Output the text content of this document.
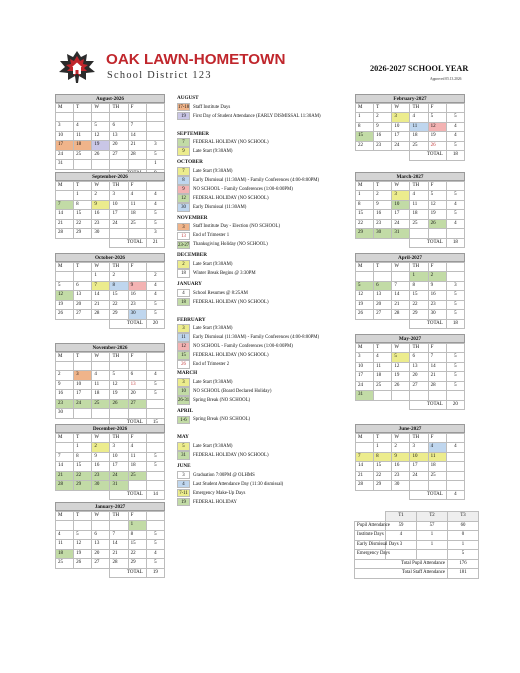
OAK LAWN-HOMETOWN
School District 123
2026-2027 SCHOOL YEAR
Approved 05.13.2026
August-2026
M	T	W	TH	F	

3	4	5	6	7	
10	11	12	13	14	
17	18	19	20	21	3
24	25	26	27	28	5
31					1

September-2026
M	T	W	TH	F	
	1	2	3	4	4
7	8	9	10	11	4
14	15	16	17	18	5
21	22	23	24	25	5
28	29	30			3
			TOTAL		21
October-2026
M	T	W	TH	F	
		1	2		2
5	6	7	8	9	4
12	13	14	15	16	4
19	20	21	22	23	5
26	27	28	29	30	5
			TOTAL		20
November-2026
M	T	W	TH	F	

2	3	4	5	6	4
9	10	11	12	13	5
16	17	18	19	20	5
23	24	25	26	27	
30					
			TOTAL		15
December-2026
M	T	W	TH	F	
	1	2	3	4	
7	8	9	10	11	5
14	15	16	17	18	5
21	22	23	24	25	
28	29	30	31		
			TOTAL		14
January-2027
M	T	W	TH	F	
				1	
4	5	6	7	8	5
11	12	13	14	15	5
18	19	20	21	22	4
25	26	27	28	29	5
			TOTAL		19
February-2027
M	T	W	TH	F	
1	2	3	4	5	5
8	9	10	11	12	4
15	16	17	18	19	4
22	23	24	25	26	5
			TOTAL		18
March-2027
M	T	W	TH	F	
1	2	3	4	5	5
8	9	10	11	12	4
15	16	17	18	19	5
22	23	24	25	26	4
29	30	31			
			TOTAL		18
April-2027
M	T	W	TH	F	
			1	2	
5	6	7	8	9	3
12	13	14	15	16	5
19	20	21	22	23	5
26	27	28	29	30	5
			TOTAL		18
May-2027
M	T	W	TH	F	
3	4	5	6	7	5
10	11	12	13	14	5
17	18	19	20	21	5
24	25	26	27	28	5
31					
			TOTAL		20
June-2027
M	T	W	TH	F	
	1	2	3	4	4
7	8	9	10	11	
14	15	16	17	18	
21	22	23	24	25	
28	29	30			
			TOTAL		4
AUGUST
17-18 Staff Institute Days
19	First Day of Student Attendance (EARLY DISMISSAL 11:30AM)
SEPTEMBER
7	FEDERAL HOLIDAY (NO SCHOOL)
9	Late Start (9:30AM)
OCTOBER
7	Late Start (9:30AM)
8	Early Dismissal (11:30AM) - Family Conferences (4:00-8:00PM)
9	NO SCHOOL - Family Conferences (1:00-6:00PM)
12	FEDERAL HOLIDAY (NO SCHOOL)
30	Early Dismissal (11:30AM)
NOVEMBER
3	Staff Institute Day - Election (NO SCHOOL)
13	End of Trimester 1
23-27 Thanksgiving Holiday (NO SCHOOL)
DECEMBER
2	Late Start (9:30AM)
18	Winter Break Begins @ 3:30PM
JANUARY
4	School Resumes @ 8:25AM
18	FEDERAL HOLIDAY (NO SCHOOL)
FEBRUARY
3	Late Start (9:30AM)
11	Early Dismissal (11:30AM) - Family Conferences (4:00-8:00PM)
12	NO SCHOOL - Family Conferences (1:00-6:00PM)
15	FEDERAL HOLIDAY (NO SCHOOL)
26	End of Trimester 2
MARCH
3	Late Start (9:30AM)
10	NO SCHOOL (Board Declared Holiday)
26-31 Spring Break (NO SCHOOL)
APRIL
1-6	Spring Break (NO SCHOOL)
MAY
5	Late Start (9:30AM)
31	FEDERAL HOLIDAY (NO SCHOOL)
JUNE
3	Graduation 7:00PM @ OLHMS
4	Last Student Attendance Day (11:30 dismissal)
7-11	Emergency Make-Up Days
19	FEDERAL HOLIDAY
	T1	T2	T3
Pupil Attendance	59	57	60
Institute Days	4	1	0
Early Dismissal Days	3	1	1
Emergency Days			5
Total Pupil Attendance			176
Total Staff Attendance			181
